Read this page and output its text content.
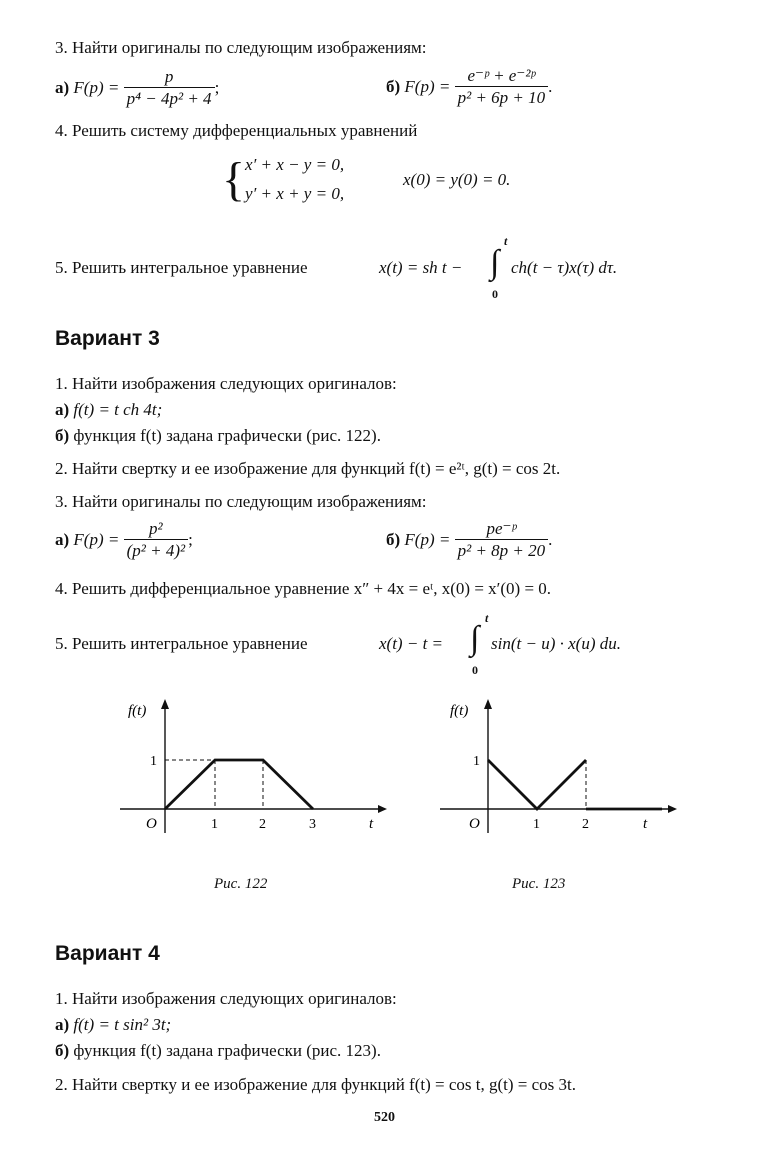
3. Найти оригиналы по следующим изображениям:
а)
F(p) =
$\frac{p}{\text{p⁴ − 4p² + 4}}$ ;	б)
F(p) =
$\frac{\text{e⁻ᵖ + e⁻²ᵖ}}{\text{p² + 6p + 10}}$ .
4. Решить систему дифференциальных уравнений
{ x′ + x − y = 0,
y′ + x + y = 0,
x(0) = y(0) = 0.
5. Решить интегральное уравнение	x(t) = sh t −
t
∫
0
ch(t − τ)x(τ) dτ.
Вариант 3
1. Найти изображения следующих оригиналов:
а) f(t) = t ch 4t;
б) функция f(t) задана графически (рис. 122).
2. Найти свертку и ее изображение для функций f(t) = e²ᵗ, g(t) = cos 2t.
3. Найти оригиналы по следующим изображениям:
а)
F(p) =
$\frac{\text{p²}}{\text{(p² + 4)²}}$ ;	б)
F(p) =
$\frac{\text{pe⁻ᵖ}}{\text{p² + 8p + 20}}$ .
4. Решить дифференциальное уравнение x″ + 4x = eᵗ, x(0) = x′(0) = 0.
5. Решить интегральное уравнение	x(t) − t =
t
∫
0
sin(t − u) · x(u) du.
f(t)
1
O	1	2	3	t
f(t)
1
O	1	2	t
Рис. 122	Рис. 123
Вариант 4
1. Найти изображения следующих оригиналов:
а) f(t) = t sin² 3t;
б) функция f(t) задана графически (рис. 123).
2. Найти свертку и ее изображение для функций f(t) = cos t, g(t) = cos 3t.
520
